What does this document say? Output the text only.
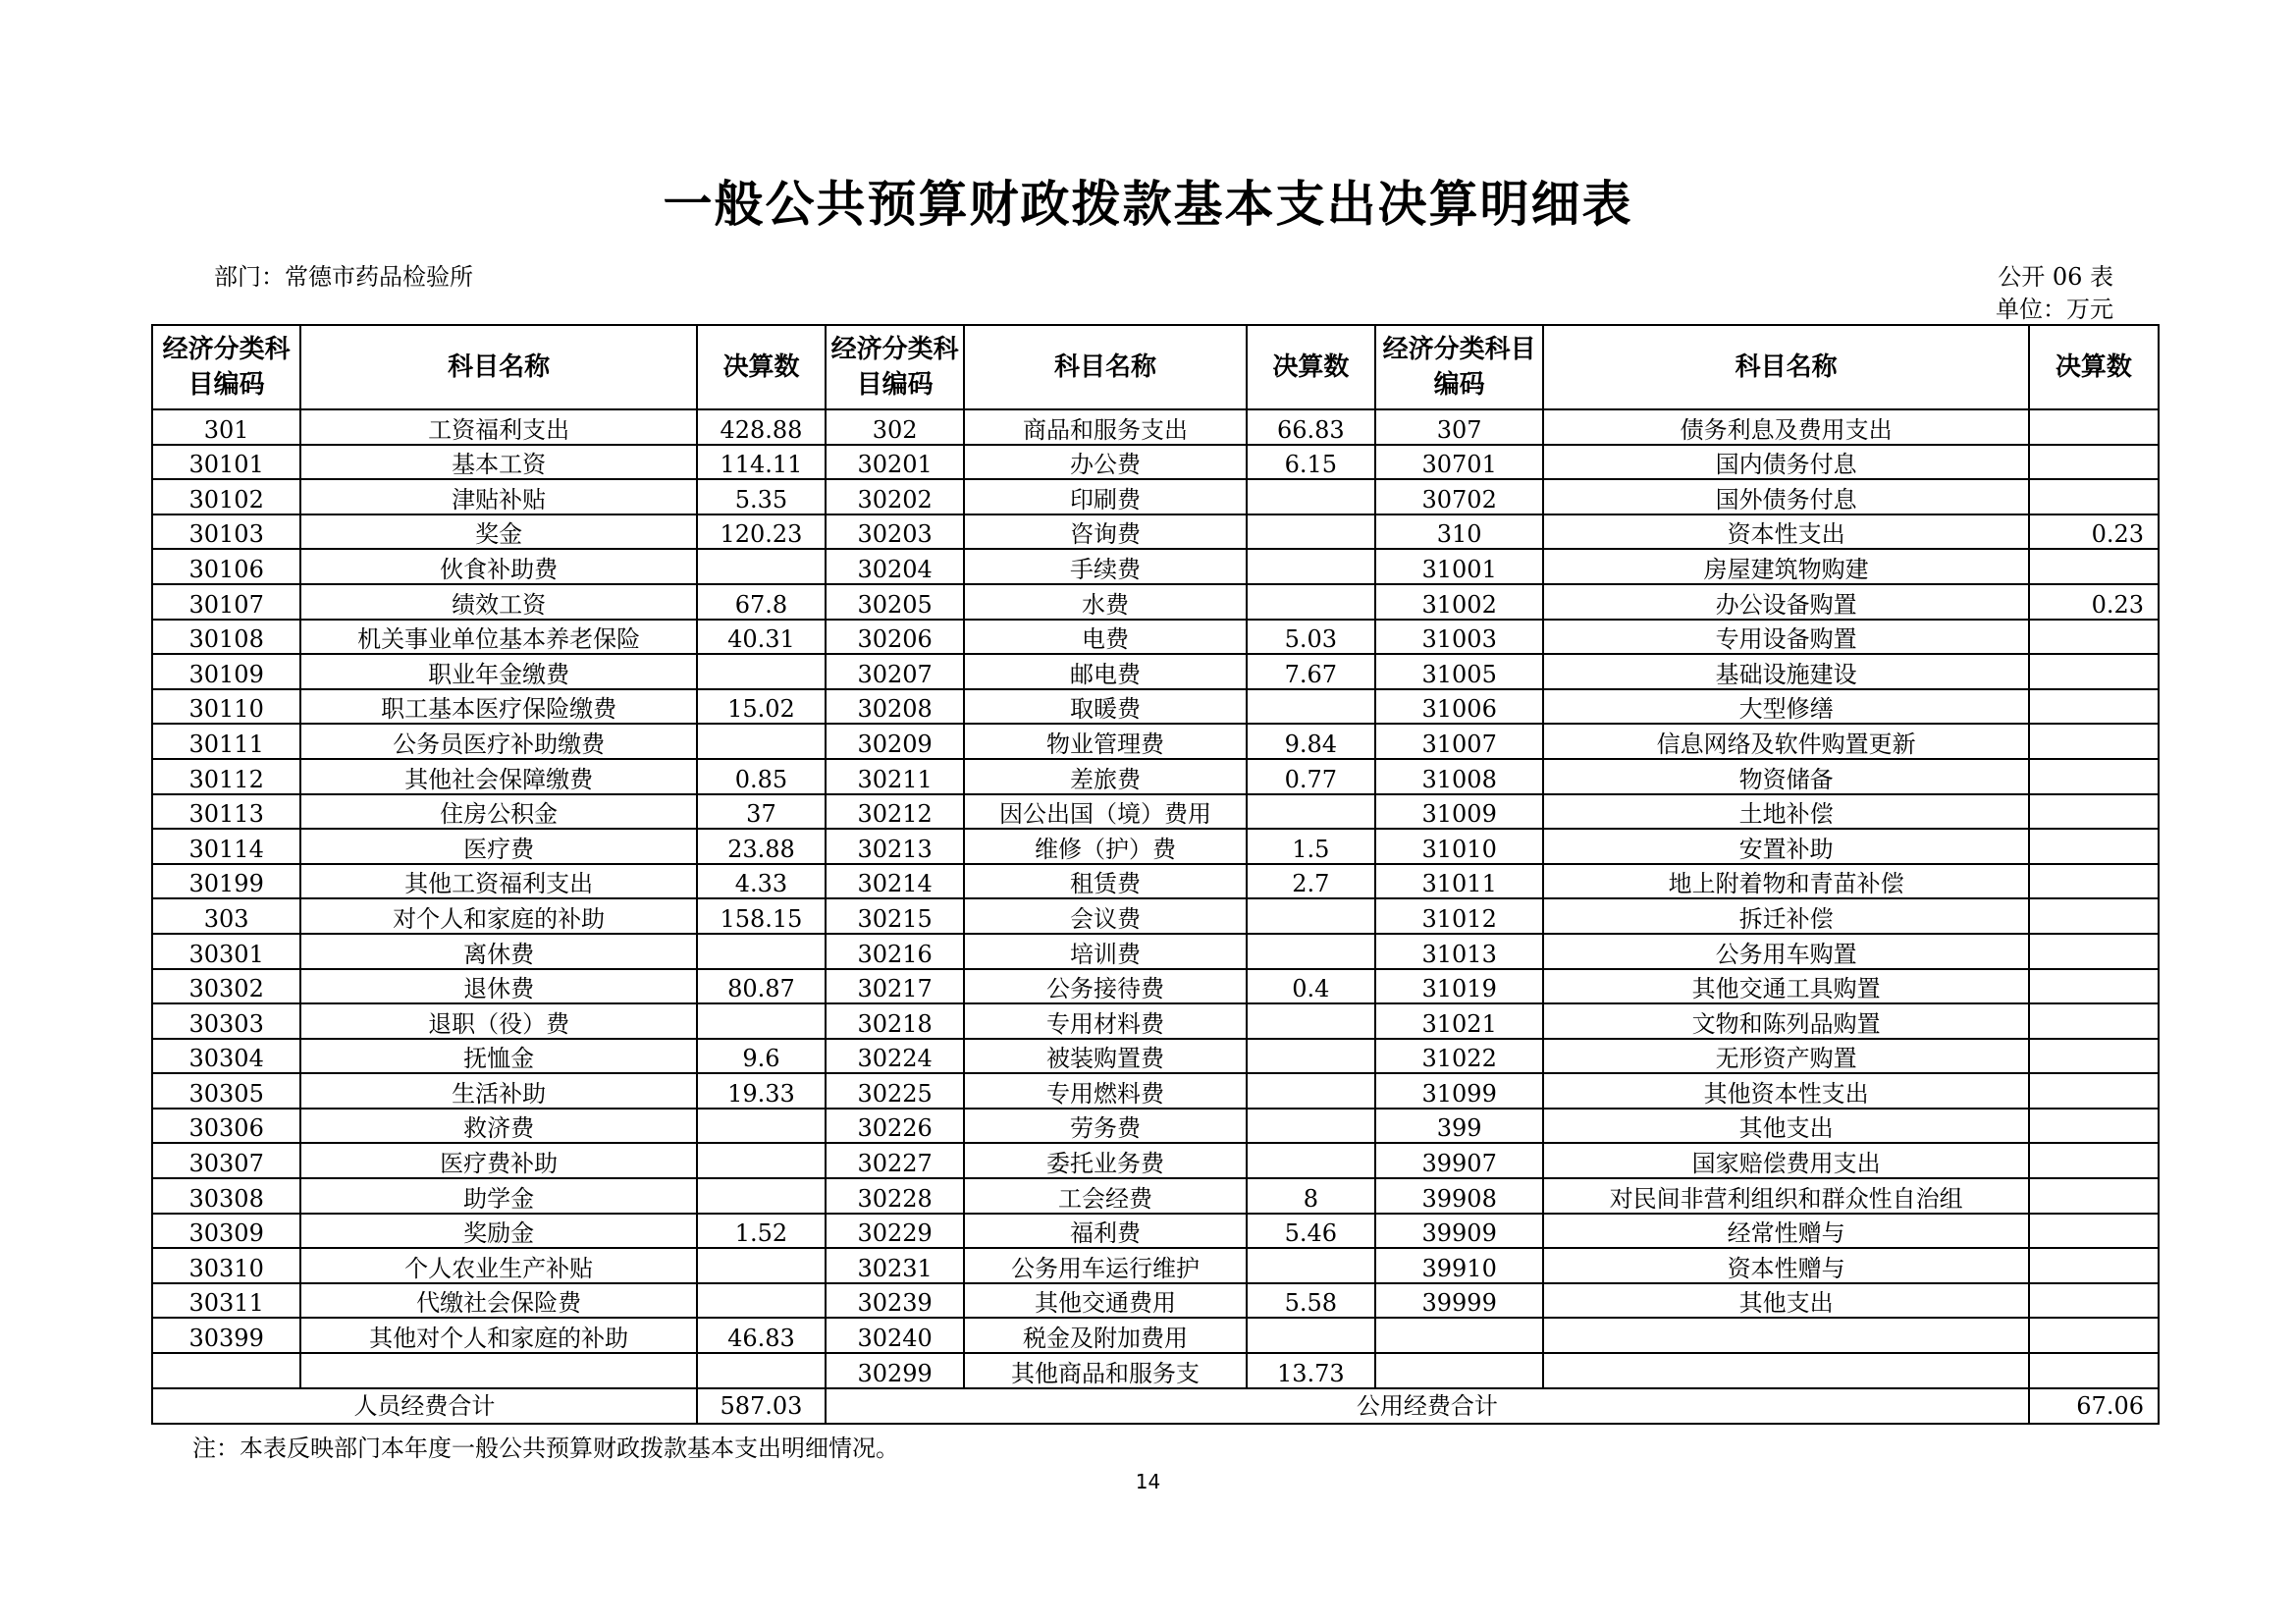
一般公共预算财政拨款基本支出决算明细表
部门：常德市药品检验所	公开 06 表
单位：万元
经济分类科目编码	科目名称	决算数	经济分类科目编码	科目名称	决算数	经济分类科目编码	科目名称	决算数
301	工资福利支出	428.88	302	商品和服务支出	66.83	307	债务利息及费用支出	
30101	基本工资	114.11	30201	办公费	6.15	30701	国内债务付息	
30102	津贴补贴	5.35	30202	印刷费		30702	国外债务付息	
30103	奖金	120.23	30203	咨询费		310	资本性支出	0.23
30106	伙食补助费		30204	手续费		31001	房屋建筑物购建	
30107	绩效工资	67.8	30205	水费		31002	办公设备购置	0.23
30108	机关事业单位基本养老保险	40.31	30206	电费	5.03	31003	专用设备购置	
30109	职业年金缴费		30207	邮电费	7.67	31005	基础设施建设	
30110	职工基本医疗保险缴费	15.02	30208	取暖费		31006	大型修缮	
30111	公务员医疗补助缴费		30209	物业管理费	9.84	31007	信息网络及软件购置更新	
30112	其他社会保障缴费	0.85	30211	差旅费	0.77	31008	物资储备	
30113	住房公积金	37	30212	因公出国（境）费用		31009	土地补偿	
30114	医疗费	23.88	30213	维修（护）费	1.5	31010	安置补助	
30199	其他工资福利支出	4.33	30214	租赁费	2.7	31011	地上附着物和青苗补偿	
303	对个人和家庭的补助	158.15	30215	会议费		31012	拆迁补偿	
30301	离休费		30216	培训费		31013	公务用车购置	
30302	退休费	80.87	30217	公务接待费	0.4	31019	其他交通工具购置	
30303	退职（役）费		30218	专用材料费		31021	文物和陈列品购置	
30304	抚恤金	9.6	30224	被装购置费		31022	无形资产购置	
30305	生活补助	19.33	30225	专用燃料费		31099	其他资本性支出	
30306	救济费		30226	劳务费		399	其他支出	
30307	医疗费补助		30227	委托业务费		39907	国家赔偿费用支出	
30308	助学金		30228	工会经费	8	39908	对民间非营利组织和群众性自治组	
30309	奖励金	1.52	30229	福利费	5.46	39909	经常性赠与	
30310	个人农业生产补贴		30231	公务用车运行维护		39910	资本性赠与	
30311	代缴社会保险费		30239	其他交通费用	5.58	39999	其他支出	
30399	其他对个人和家庭的补助	46.83	30240	税金及附加费用				
			30299	其他商品和服务支	13.73			
人员经费合计		587.03	公用经费合计					67.06
注：本表反映部门本年度一般公共预算财政拨款基本支出明细情况。
14
